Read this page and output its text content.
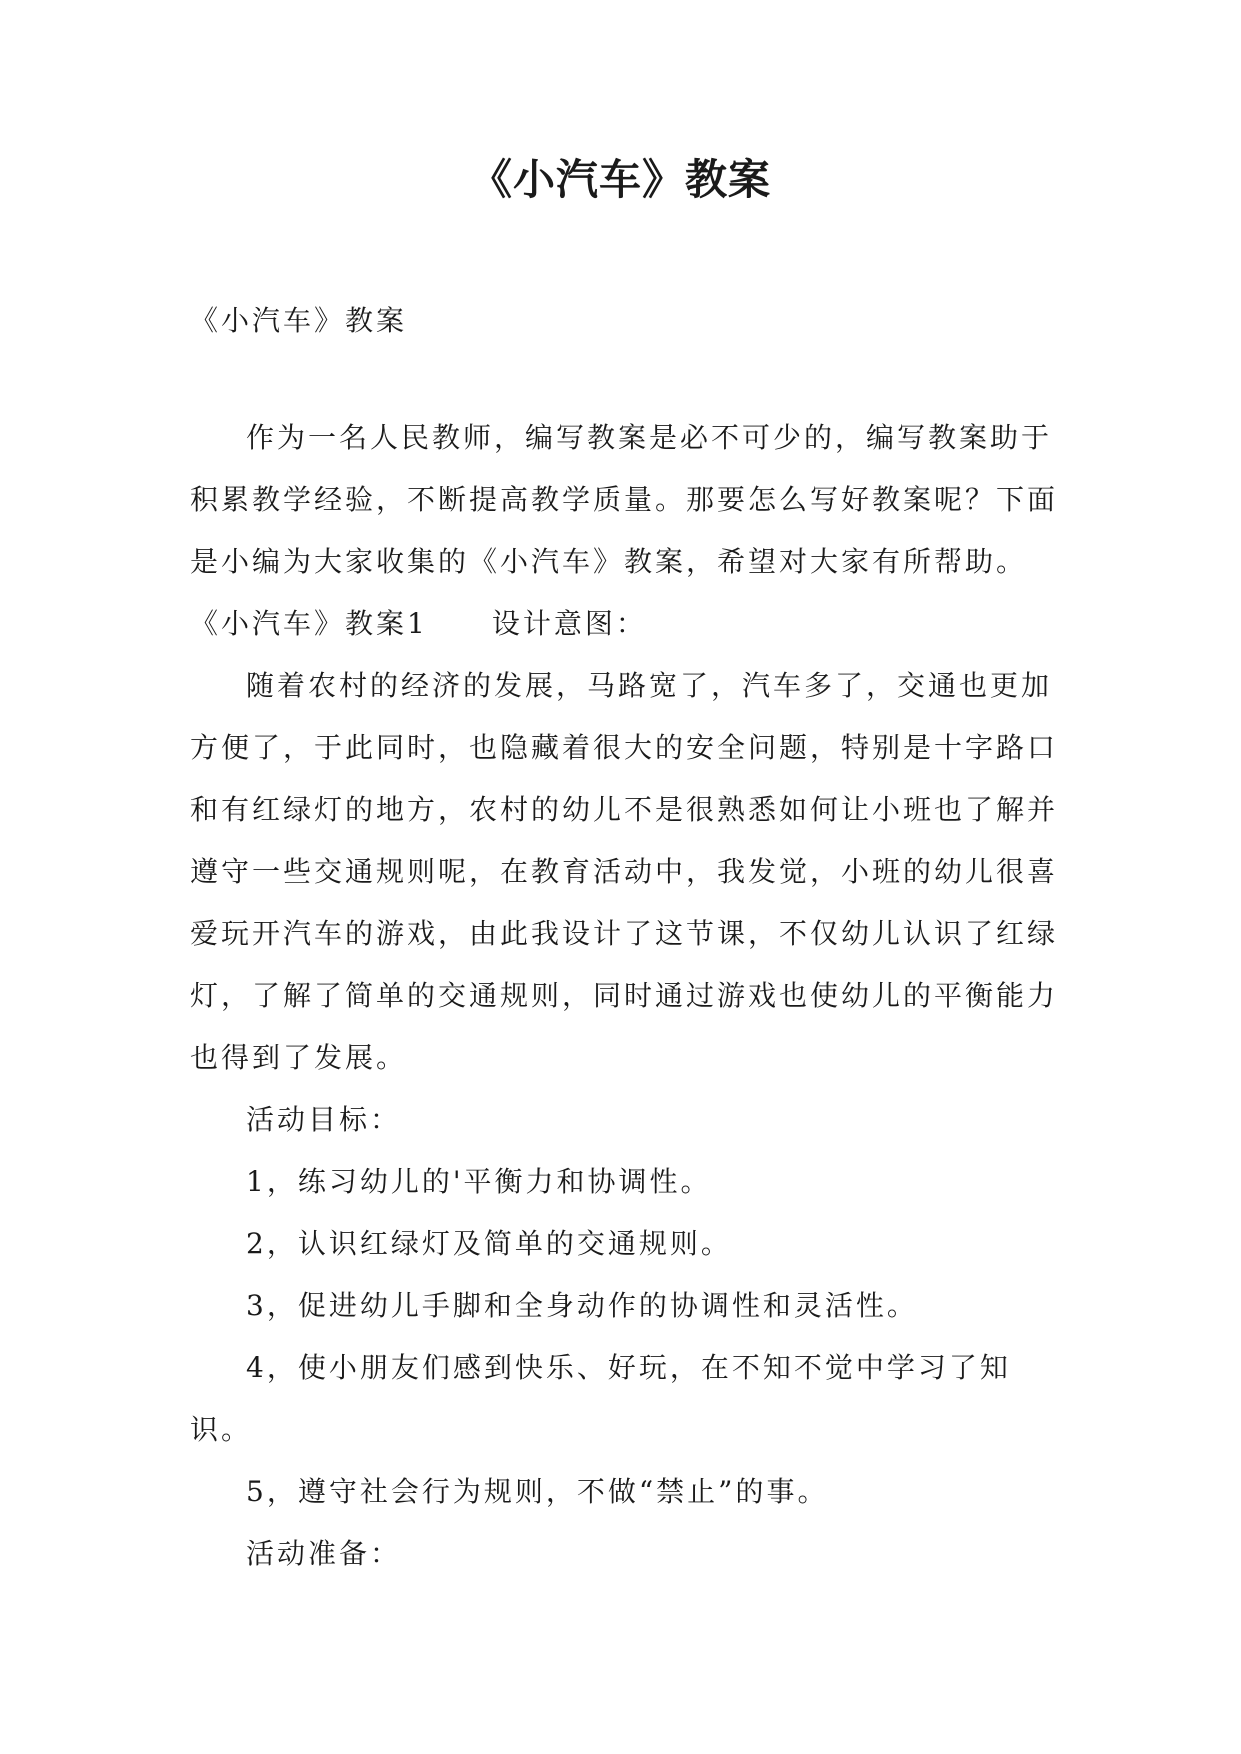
《小汽车》教案

《小汽车》教案

作为一名人民教师，编写教案是必不可少的，编写教案助于积累教学经验，不断提高教学质量。那要怎么写好教案呢？下面是小编为大家收集的《小汽车》教案，希望对大家有所帮助。

《小汽车》教案1 设计意图：

随着农村的经济的发展，马路宽了，汽车多了，交通也更加方便了，于此同时，也隐藏着很大的安全问题，特别是十字路口和有红绿灯的地方，农村的幼儿不是很熟悉如何让小班也了解并遵守一些交通规则呢，在教育活动中，我发觉，小班的幼儿很喜爱玩开汽车的游戏，由此我设计了这节课，不仅幼儿认识了红绿灯，了解了简单的交通规则，同时通过游戏也使幼儿的平衡能力也得到了发展。

活动目标：

1，练习幼儿的'平衡力和协调性。

2，认识红绿灯及简单的交通规则。

3，促进幼儿手脚和全身动作的协调性和灵活性。

4，使小朋友们感到快乐、好玩，在不知不觉中学习了知识。

5，遵守社会行为规则，不做“禁止”的事。

活动准备：
